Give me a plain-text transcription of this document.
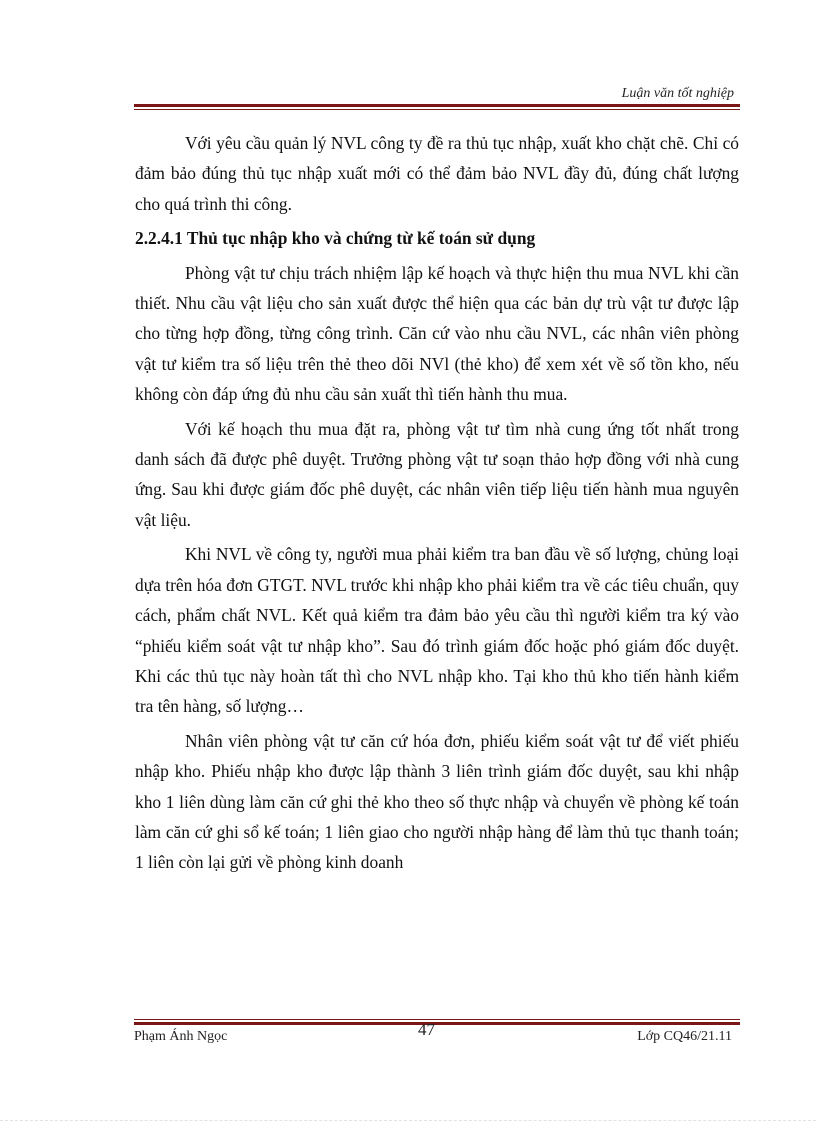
Luận văn tốt nghiệp

Với yêu cầu quản lý NVL công ty đề ra thủ tục nhập, xuất kho chặt chẽ. Chỉ có đảm bảo đúng thủ tục nhập xuất mới có thể đảm bảo NVL đầy đủ, đúng chất lượng cho quá trình thi công.

2.2.4.1 Thủ tục nhập kho và chứng từ kế toán sử dụng

Phòng vật tư chịu trách nhiệm lập kế hoạch và thực hiện thu mua NVL khi cần thiết. Nhu cầu vật liệu cho sản xuất được thể hiện qua các bản dự trù vật tư được lập cho từng hợp đồng, từng công trình. Căn cứ vào nhu cầu NVL, các nhân viên phòng vật tư kiểm tra số liệu trên thẻ theo dõi NVl (thẻ kho) để xem xét về số tồn kho, nếu không còn đáp ứng đủ nhu cầu sản xuất thì tiến hành thu mua.

Với kế hoạch thu mua đặt ra, phòng vật tư tìm nhà cung ứng tốt nhất trong danh sách đã được phê duyệt. Trưởng phòng vật tư soạn thảo hợp đồng với nhà cung ứng. Sau khi được giám đốc phê duyệt, các nhân viên tiếp liệu tiến hành mua nguyên vật liệu.

Khi NVL về công ty, người mua phải kiểm tra ban đầu về số lượng, chủng loại dựa trên hóa đơn GTGT. NVL trước khi nhập kho phải kiểm tra về các tiêu chuẩn, quy cách, phẩm chất NVL. Kết quả kiểm tra đảm bảo yêu cầu thì người kiểm tra ký vào “phiếu kiểm soát vật tư nhập kho”. Sau đó trình giám đốc hoặc phó giám đốc duyệt. Khi các thủ tục này hoàn tất thì cho NVL nhập kho. Tại kho thủ kho tiến hành kiểm tra tên hàng, số lượng…

Nhân viên phòng vật tư căn cứ hóa đơn, phiếu kiểm soát vật tư để viết phiếu nhập kho. Phiếu nhập kho được lập thành 3 liên trình giám đốc duyệt, sau khi nhập kho 1 liên dùng làm căn cứ ghi thẻ kho theo số thực nhập và chuyển về phòng kế toán làm căn cứ ghi sổ kế toán; 1 liên giao cho người nhập hàng để làm thủ tục thanh toán; 1 liên còn lại gửi về phòng kinh doanh

Phạm Ánh Ngọc	47	Lớp CQ46/21.11
